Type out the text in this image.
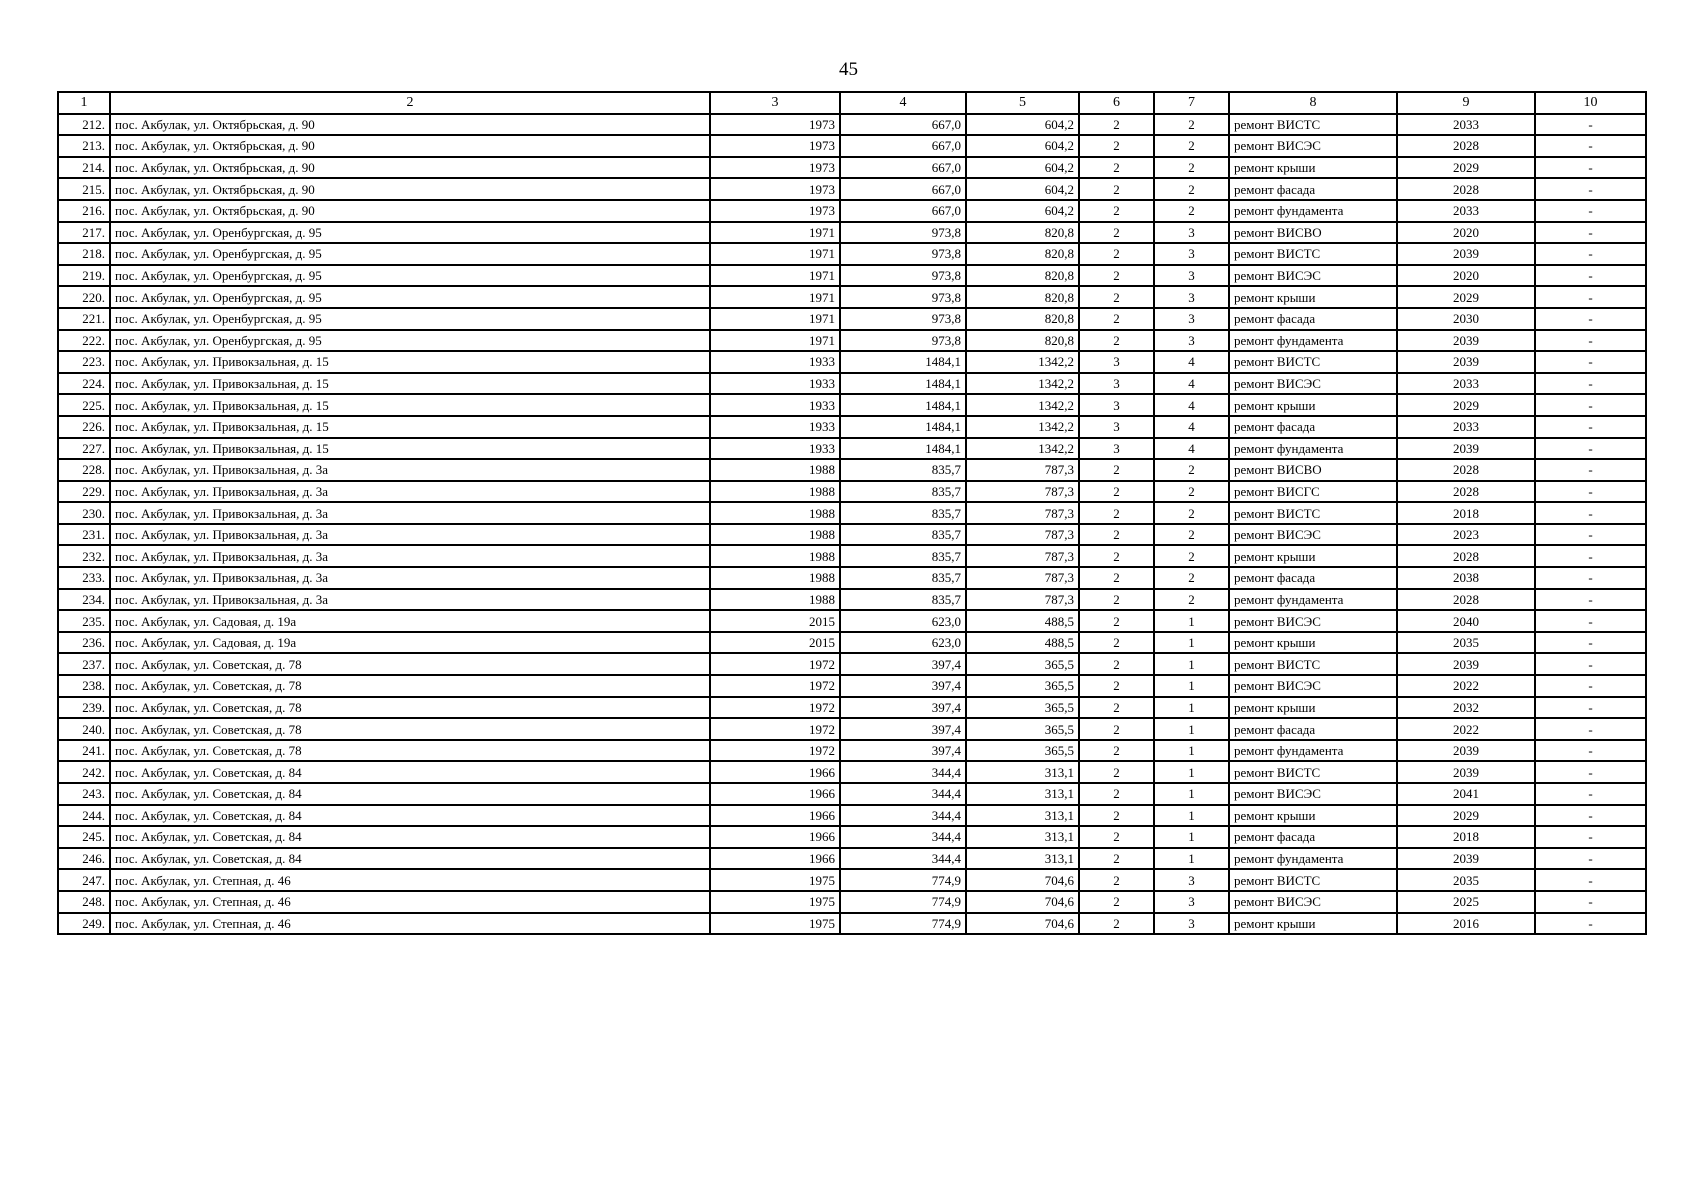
45
1	2	3	4	5	6	7	8	9	10
212.	пос. Акбулак, ул. Октябрьская, д. 90	1973	667,0	604,2	2	2	ремонт ВИСТС	2033	-
213.	пос. Акбулак, ул. Октябрьская, д. 90	1973	667,0	604,2	2	2	ремонт ВИСЭС	2028	-
214.	пос. Акбулак, ул. Октябрьская, д. 90	1973	667,0	604,2	2	2	ремонт крыши	2029	-
215.	пос. Акбулак, ул. Октябрьская, д. 90	1973	667,0	604,2	2	2	ремонт фасада	2028	-
216.	пос. Акбулак, ул. Октябрьская, д. 90	1973	667,0	604,2	2	2	ремонт фундамента	2033	-
217.	пос. Акбулак, ул. Оренбургская, д. 95	1971	973,8	820,8	2	3	ремонт ВИСВО	2020	-
218.	пос. Акбулак, ул. Оренбургская, д. 95	1971	973,8	820,8	2	3	ремонт ВИСТС	2039	-
219.	пос. Акбулак, ул. Оренбургская, д. 95	1971	973,8	820,8	2	3	ремонт ВИСЭС	2020	-
220.	пос. Акбулак, ул. Оренбургская, д. 95	1971	973,8	820,8	2	3	ремонт крыши	2029	-
221.	пос. Акбулак, ул. Оренбургская, д. 95	1971	973,8	820,8	2	3	ремонт фасада	2030	-
222.	пос. Акбулак, ул. Оренбургская, д. 95	1971	973,8	820,8	2	3	ремонт фундамента	2039	-
223.	пос. Акбулак, ул. Привокзальная, д. 15	1933	1484,1	1342,2	3	4	ремонт ВИСТС	2039	-
224.	пос. Акбулак, ул. Привокзальная, д. 15	1933	1484,1	1342,2	3	4	ремонт ВИСЭС	2033	-
225.	пос. Акбулак, ул. Привокзальная, д. 15	1933	1484,1	1342,2	3	4	ремонт крыши	2029	-
226.	пос. Акбулак, ул. Привокзальная, д. 15	1933	1484,1	1342,2	3	4	ремонт фасада	2033	-
227.	пос. Акбулак, ул. Привокзальная, д. 15	1933	1484,1	1342,2	3	4	ремонт фундамента	2039	-
228.	пос. Акбулак, ул. Привокзальная, д. 3а	1988	835,7	787,3	2	2	ремонт ВИСВО	2028	-
229.	пос. Акбулак, ул. Привокзальная, д. 3а	1988	835,7	787,3	2	2	ремонт ВИСГС	2028	-
230.	пос. Акбулак, ул. Привокзальная, д. 3а	1988	835,7	787,3	2	2	ремонт ВИСТС	2018	-
231.	пос. Акбулак, ул. Привокзальная, д. 3а	1988	835,7	787,3	2	2	ремонт ВИСЭС	2023	-
232.	пос. Акбулак, ул. Привокзальная, д. 3а	1988	835,7	787,3	2	2	ремонт крыши	2028	-
233.	пос. Акбулак, ул. Привокзальная, д. 3а	1988	835,7	787,3	2	2	ремонт фасада	2038	-
234.	пос. Акбулак, ул. Привокзальная, д. 3а	1988	835,7	787,3	2	2	ремонт фундамента	2028	-
235.	пос. Акбулак, ул. Садовая, д. 19а	2015	623,0	488,5	2	1	ремонт ВИСЭС	2040	-
236.	пос. Акбулак, ул. Садовая, д. 19а	2015	623,0	488,5	2	1	ремонт крыши	2035	-
237.	пос. Акбулак, ул. Советская, д. 78	1972	397,4	365,5	2	1	ремонт ВИСТС	2039	-
238.	пос. Акбулак, ул. Советская, д. 78	1972	397,4	365,5	2	1	ремонт ВИСЭС	2022	-
239.	пос. Акбулак, ул. Советская, д. 78	1972	397,4	365,5	2	1	ремонт крыши	2032	-
240.	пос. Акбулак, ул. Советская, д. 78	1972	397,4	365,5	2	1	ремонт фасада	2022	-
241.	пос. Акбулак, ул. Советская, д. 78	1972	397,4	365,5	2	1	ремонт фундамента	2039	-
242.	пос. Акбулак, ул. Советская, д. 84	1966	344,4	313,1	2	1	ремонт ВИСТС	2039	-
243.	пос. Акбулак, ул. Советская, д. 84	1966	344,4	313,1	2	1	ремонт ВИСЭС	2041	-
244.	пос. Акбулак, ул. Советская, д. 84	1966	344,4	313,1	2	1	ремонт крыши	2029	-
245.	пос. Акбулак, ул. Советская, д. 84	1966	344,4	313,1	2	1	ремонт фасада	2018	-
246.	пос. Акбулак, ул. Советская, д. 84	1966	344,4	313,1	2	1	ремонт фундамента	2039	-
247.	пос. Акбулак, ул. Степная, д. 46	1975	774,9	704,6	2	3	ремонт ВИСТС	2035	-
248.	пос. Акбулак, ул. Степная, д. 46	1975	774,9	704,6	2	3	ремонт ВИСЭС	2025	-
249.	пос. Акбулак, ул. Степная, д. 46	1975	774,9	704,6	2	3	ремонт крыши	2016	-
